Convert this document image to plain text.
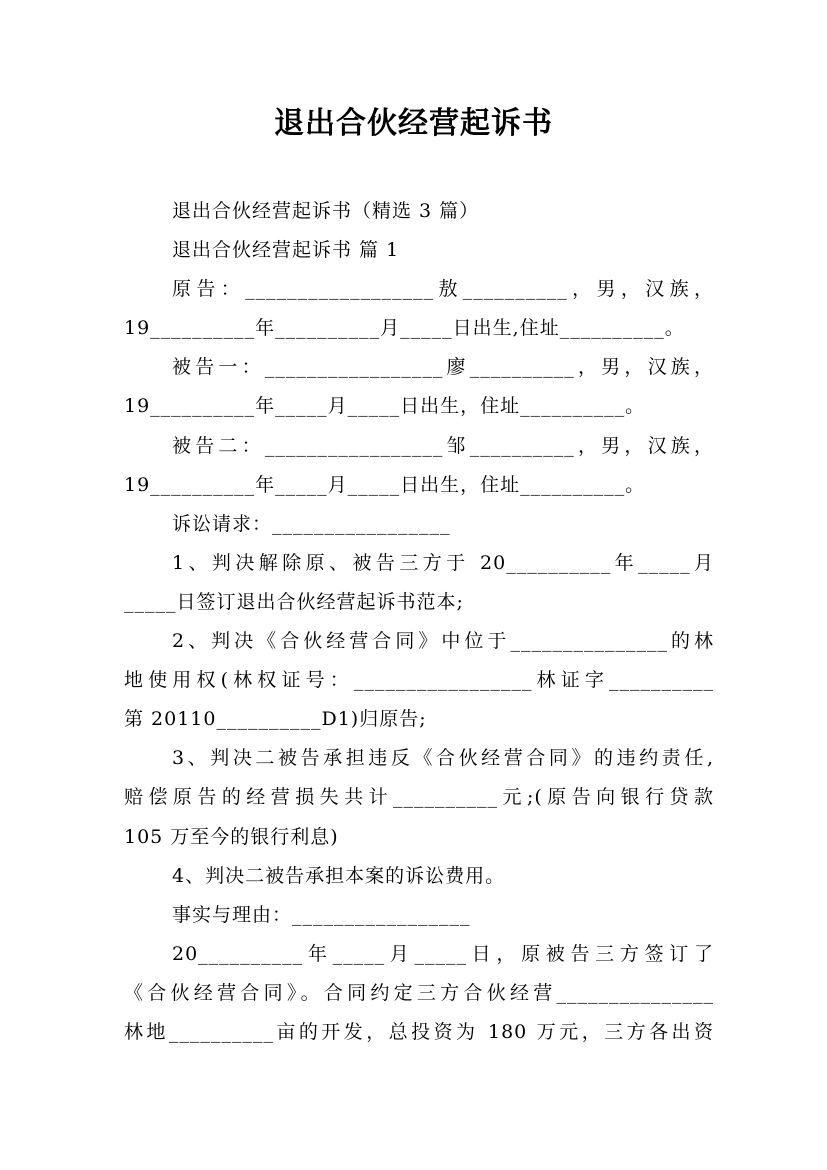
退出合伙经营起诉书
退出合伙经营起诉书（精选 3 篇）
退出合伙经营起诉书 篇 1
原告：__________________敖__________，男，汉族，
19__________年__________月_____日出生,住址__________。
被告一：_________________廖__________，男，汉族，
19__________年_____月_____日出生，住址__________。
被告二：_________________邹__________，男，汉族，
19__________年_____月_____日出生，住址__________。
诉讼请求：_________________
1、判决解除原、被告三方于 20__________年_____月
_____日签订退出合伙经营起诉书范本;
2、判决《合伙经营合同》中位于_______________的林
地使用权(林权证号：_________________林证字__________
第 20110__________D1)归原告;
3、判决二被告承担违反《合伙经营合同》的违约责任,
赔偿原告的经营损失共计__________元;(原告向银行贷款
105 万至今的银行利息)
4、判决二被告承担本案的诉讼费用。
事实与理由：_________________
20__________年_____月_____日，原被告三方签订了
《合伙经营合同》。合同约定三方合伙经营_______________
林地__________亩的开发，总投资为 180 万元，三方各出资
